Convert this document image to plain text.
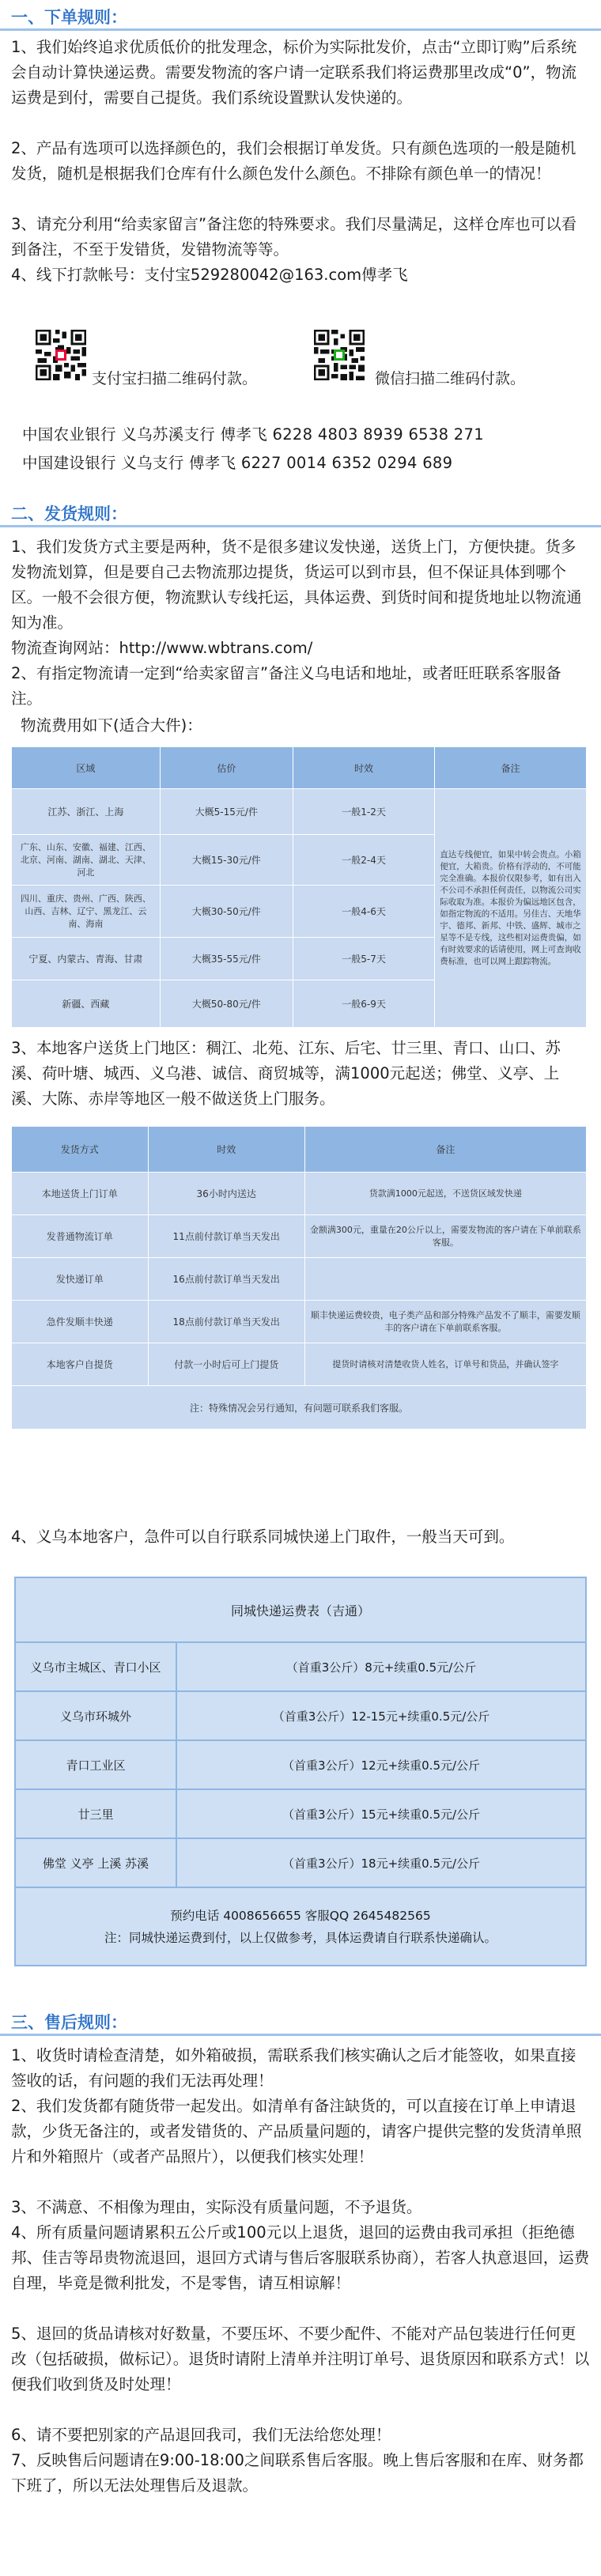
一、下单规则：
1、我们始终追求优质低价的批发理念，标价为实际批发价，点击“立即订购”后系统会自动计算快递运费。需要发物流的客户请一定联系我们将运费那里改成“0”，物流运费是到付，需要自己提货。我们系统设置默认发快递的。
2、产品有选项可以选择颜色的，我们会根据订单发货。只有颜色选项的一般是随机发货，随机是根据我们仓库有什么颜色发什么颜色。不排除有颜色单一的情况！
3、请充分利用“给卖家留言”备注您的特殊要求。我们尽量满足，这样仓库也可以看到备注，不至于发错货，发错物流等等。
4、线下打款帐号：支付宝529280042@163.com傅孝飞
支付宝扫描二维码付款。	微信扫描二维码付款。
中国农业银行 义乌苏溪支行 傅孝飞 6228 4803 8939 6538 271
中国建设银行 义乌支行 傅孝飞 6227 0014 6352 0294 689
二、发货规则：
1、我们发货方式主要是两种，货不是很多建议发快递，送货上门，方便快捷。货多发物流划算，但是要自己去物流那边提货，货运可以到市县，但不保证具体到哪个区。一般不会很方便，物流默认专线托运，具体运费、到货时间和提货地址以物流通知为准。
物流查询网站：http://www.wbtrans.com/
2、有指定物流请一定到“给卖家留言”备注义乌电话和地址，或者旺旺联系客服备注。
物流费用如下(适合大件)：
区域	估价	时效	备注
江苏、浙江、上海	大概5-15元/件	一般1-2天	直达专线便宜，如果中转会贵点。小箱便宜，大箱贵。价格有浮动的，不可能完全准确。本报价仅限参考，如有出入不公司不承担任何责任，以物流公司实际收取为准。本报价为偏远地区包含，如指定物流的不适用。另佳吉、天地华宇、德邦、新邦、中铁、盛辉、城市之星等不是专线，这些相对运费贵偏，如有时效要求的话请使用，网上可查询收费标准，也可以网上跟踪物流。
广东、山东、安徽、福建、江西、北京、河南、湖南、湖北、天津、河北	大概15-30元/件	一般2-4天	
四川、重庆、贵州、广西、陕西、山西、吉林、辽宁、黑龙江、云南、海南	大概30-50元/件	一般4-6天	
宁夏、内蒙古、青海、甘肃	大概35-55元/件	一般5-7天	
新疆、西藏	大概50-80元/件	一般6-9天	
3、本地客户送货上门地区：稠江、北苑、江东、后宅、廿三里、青口、山口、苏溪、荷叶塘、城西、义乌港、诚信、商贸城等，满1000元起送；佛堂、义亭、上溪、大陈、赤岸等地区一般不做送货上门服务。
发货方式	时效	备注
本地送货上门订单	36小时内送达	货款满1000元起送，不送货区域发快递
发普通物流订单	11点前付款订单当天发出	金额满300元，重量在20公斤以上，需要发物流的客户请在下单前联系客服。
发快递订单	16点前付款订单当天发出	
急件发顺丰快递	18点前付款订单当天发出	顺丰快递运费较贵，电子类产品和部分特殊产品发不了顺丰，需要发顺丰的客户请在下单前联系客服。
本地客户自提货	付款一小时后可上门提货	提货时请核对清楚收货人姓名，订单号和货品，并确认签字
注：特殊情况会另行通知，有问题可联系我们客服。		
4、义乌本地客户，急件可以自行联系同城快递上门取件，一般当天可到。
同城快递运费表（吉通）	
义乌市主城区、青口小区	（首重3公斤）8元+续重0.5元/公斤
义乌市环城外	（首重3公斤）12-15元+续重0.5元/公斤
青口工业区	（首重3公斤）12元+续重0.5元/公斤
廿三里	（首重3公斤）15元+续重0.5元/公斤
佛堂 义亭 上溪 苏溪	（首重3公斤）18元+续重0.5元/公斤

预约电话 4008656655 客服QQ 2645482565
注：同城快递运费到付，以上仅做参考，具体运费请自行联系快递确认。	
三、售后规则：
1、收货时请检查清楚，如外箱破损，需联系我们核实确认之后才能签收，如果直接签收的话，有问题的我们无法再处理！
2、我们发货都有随货带一起发出。如清单有备注缺货的，可以直接在订单上申请退款，少货无备注的，或者发错货的、产品质量问题的，请客户提供完整的发货清单照片和外箱照片（或者产品照片），以便我们核实处理！
3、不满意、不相像为理由，实际没有质量问题，不予退货。
4、所有质量问题请累积五公斤或100元以上退货，退回的运费由我司承担（拒绝德邦、佳吉等昂贵物流退回，退回方式请与售后客服联系协商），若客人执意退回，运费自理，毕竟是微利批发，不是零售，请互相谅解！
5、退回的货品请核对好数量，不要压坏、不要少配件、不能对产品包装进行任何更改（包括破损，做标记）。退货时请附上清单并注明订单号、退货原因和联系方式！以便我们收到货及时处理！
6、请不要把别家的产品退回我司，我们无法给您处理！
7、反映售后问题请在9:00-18:00之间联系售后客服。晚上售后客服和在库、财务都下班了，所以无法处理售后及退款。
